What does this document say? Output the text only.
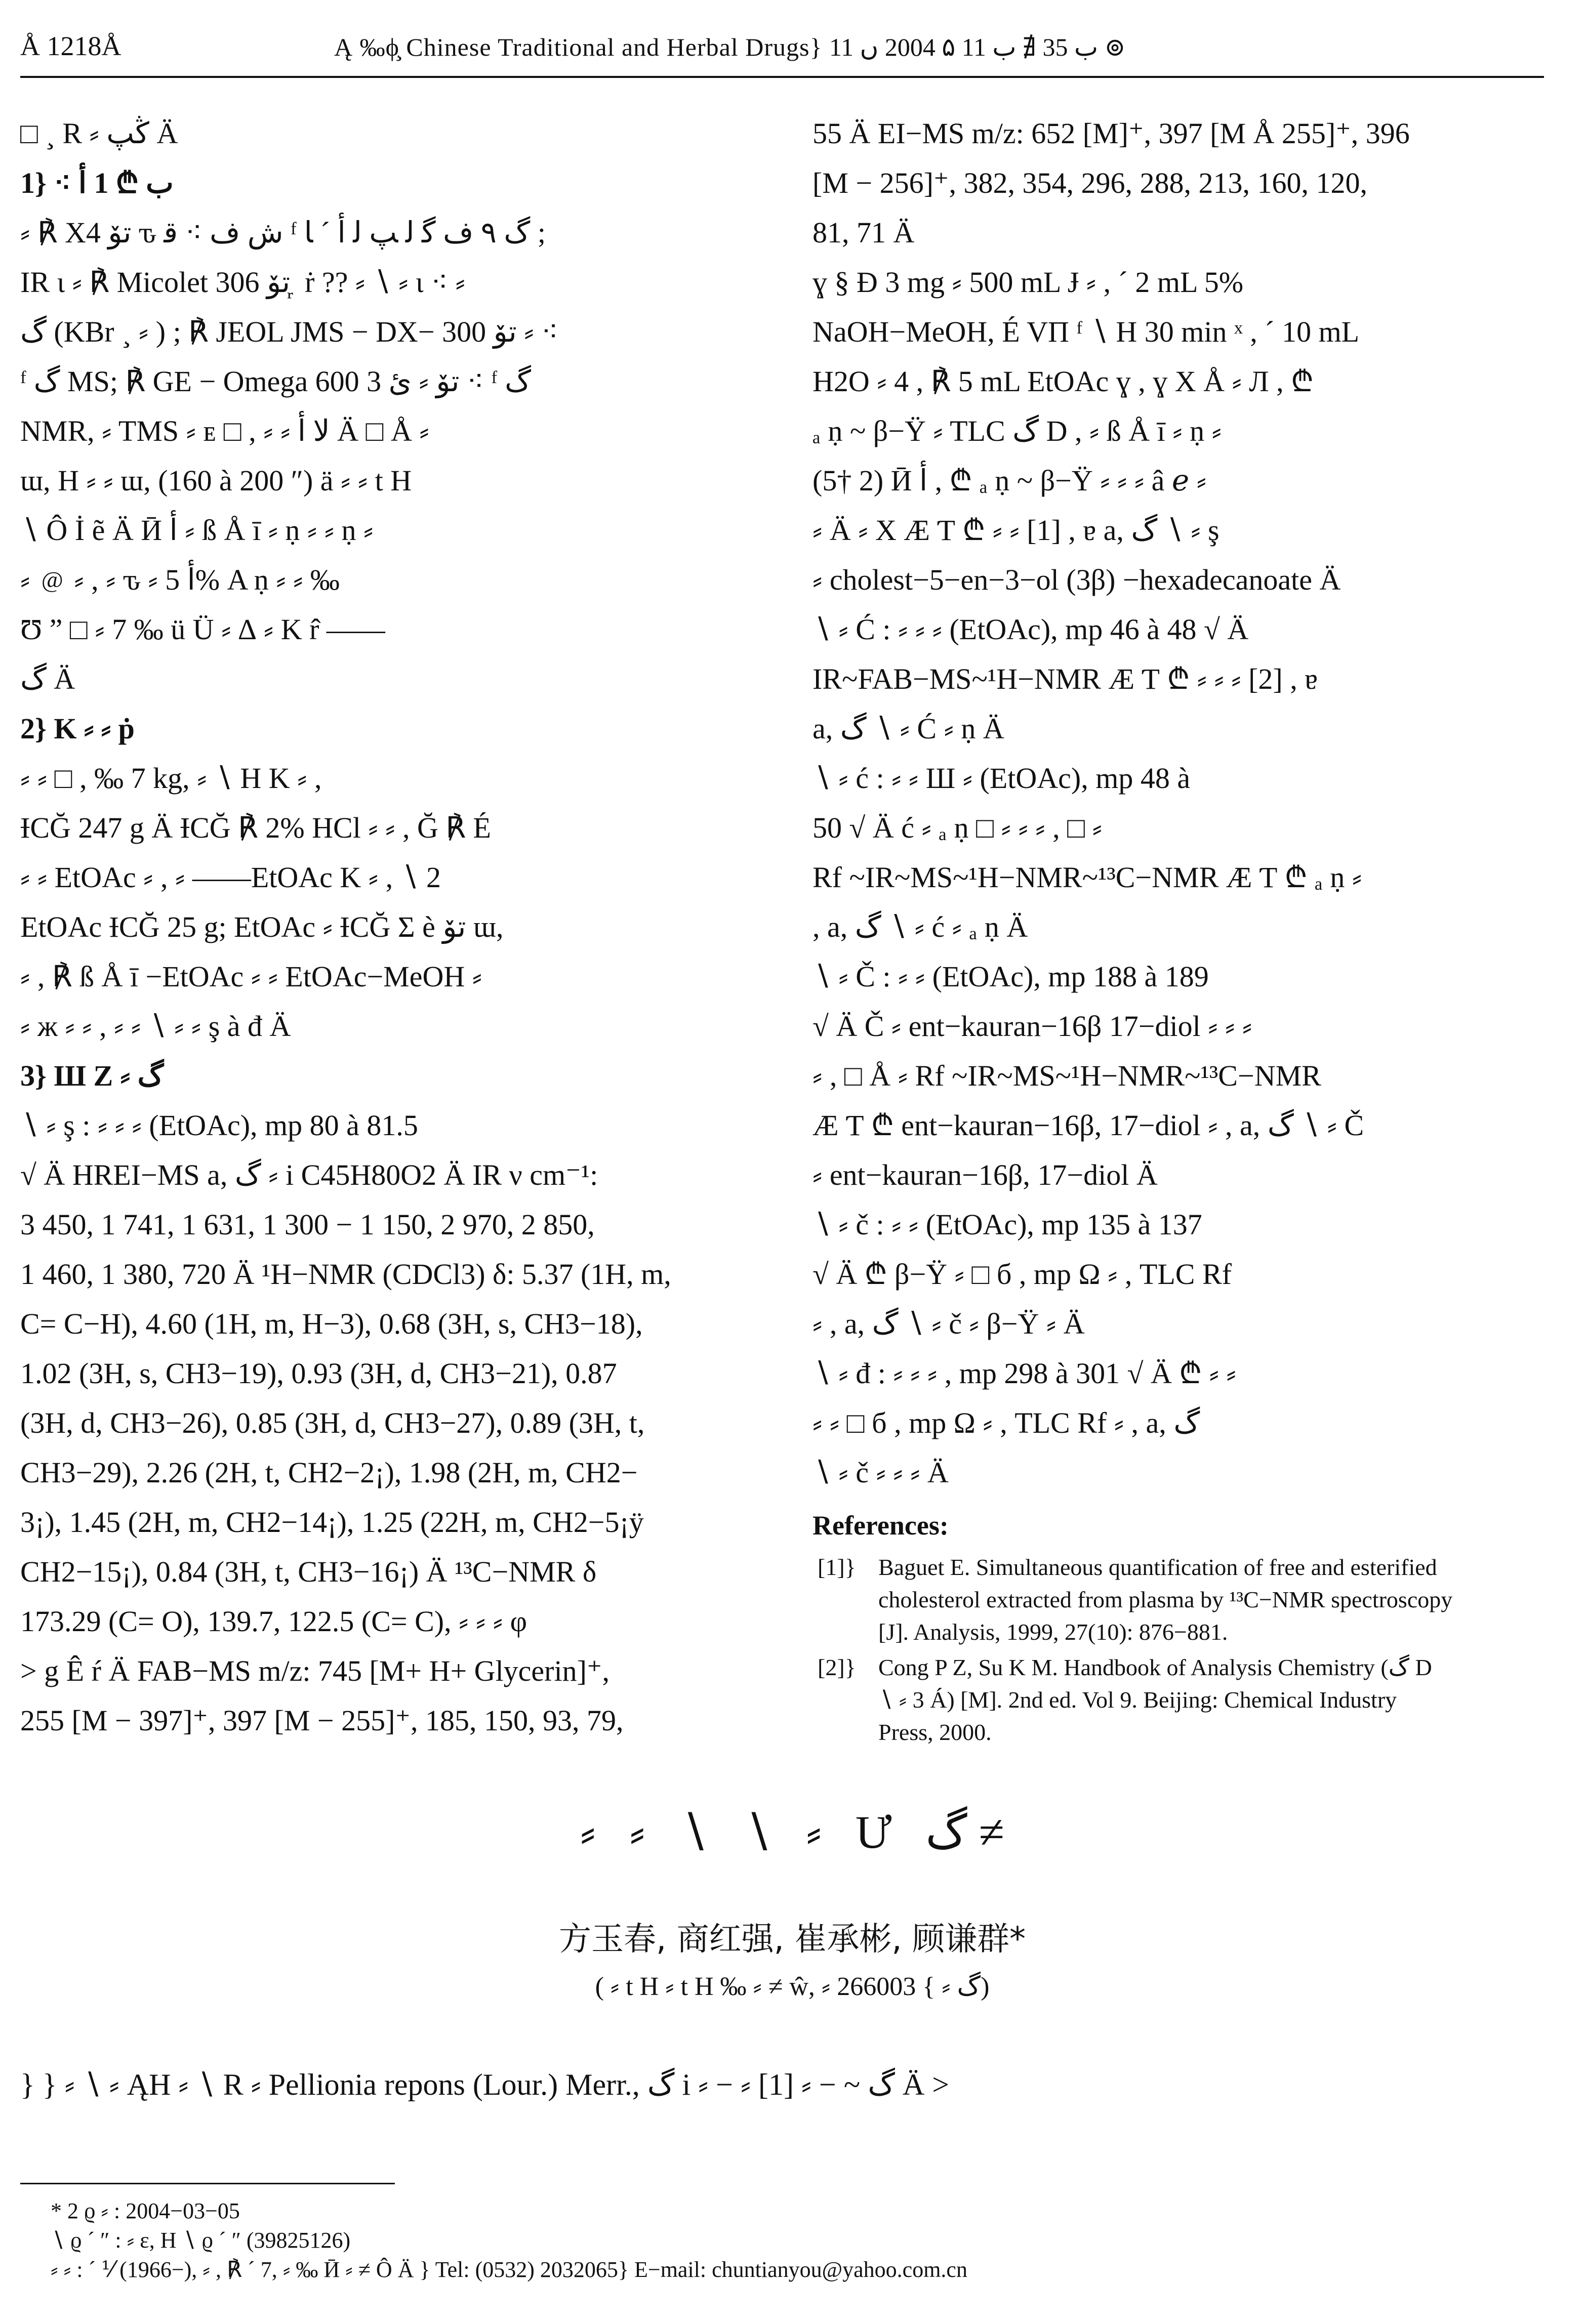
Å 1218Å	Ą ‰ϕ̧ Chinese Traditional and Herbal Drugs} ب 35 ∄ ب 11 ۵ 2004 ں 11 ⊚
□ ¸ R ⸗ ڭپ Ä
1} ⁖ ب ₾ 1 ﺃ
⸗ ℟ X4 تۆ ԏ ش ف ⁖ ﻗ ᶠ ﮒ ٩ ف ﮔ ﻟ ﭗ ﻟ ﺃ ´ ﺎ ;
IR ι ⸗ ℟ Micolet 306 تۆ ᷊ ṙ ?? ⸗ ∖ ⸗ ι ⁖ ⸗
ﮒ (KBr ¸ ⸗ ) ; ℟ JEOL JMS − DX− 300 تۆ ⸗ ⁖
ᶠ ﮒ MS; ℟ GE − Omega 600 تۆ ⸗ ئ 3 ⁖ ᶠ ﮒ
NMR, ⸗ TMS ⸗ ᴇ □ , ⸗ ⸗ ﻻ ﺃ Ä □ Å ⸗
ɯ, H ⸗ ⸗ ɯ, (160 à 200 ″) ä ⸗ ⸗ t H
∖ Ô İ ẽ Ä Ӣ ﺃ ⸗ ß Å ī ⸗ ṇ ⸗ ⸗ ṇ ⸗
⸗ ﹫ ⸗ , ⸗ ԏ ⸗ ﺃ 5% A ṇ ⸗ ⸗ ‰
Ʊ ” □ ⸗ 7 ‰ ü Ü ⸗ ∆ ⸗ K r̂ ——
ﮒ Ä
2} K ⸗ ⸗ ṗ
⸗ ⸗ □ , ‰ 7 kg, ⸗ ∖ H K ⸗ ,
ƗCĞ 247 g Ä ƗCĞ ℟ 2% HCl ⸗ ⸗ , Ğ ℟ É
⸗ ⸗ EtOAc ⸗ , ⸗ ——EtOAc K ⸗ , ∖ 2
EtOAc ƗCĞ 25 g; EtOAc ⸗ ƗCĞ Σ è تۆ ɯ,
⸗ , ℟ ß Å ī −EtOAc ⸗ ⸗ EtOAc−MeOH ⸗
⸗ ж ⸗ ⸗ , ⸗ ⸗ ∖ ⸗ ⸗ ş à đ Ä
3} Ш Z ⸗ ﮒ
∖ ⸗ ş : ⸗ ⸗ ⸗ (EtOAc), mp 80 à 81.5
√ Ä HREI−MS a, ﮒ ⸗ i C45H80O2 Ä IR ν cm⁻¹:
3 450, 1 741, 1 631, 1 300 − 1 150, 2 970, 2 850,
1 460, 1 380, 720 Ä ¹H−NMR (CDCl3) δ: 5.37 (1H, m,
C= C−H), 4.60 (1H, m, H−3), 0.68 (3H, s, CH3−18),
1.02 (3H, s, CH3−19), 0.93 (3H, d, CH3−21), 0.87
(3H, d, CH3−26), 0.85 (3H, d, CH3−27), 0.89 (3H, t,
CH3−29), 2.26 (2H, t, CH2−2¡), 1.98 (2H, m, CH2−
3¡), 1.45 (2H, m, CH2−14¡), 1.25 (22H, m, CH2−5¡ÿ
CH2−15¡), 0.84 (3H, t, CH3−16¡) Ä ¹³C−NMR δ
173.29 (C= O), 139.7, 122.5 (C= C), ⸗ ⸗ ⸗ φ
> g Ê ŕ Ä FAB−MS m/z: 745 [M+ H+ Glycerin]⁺,
255 [M − 397]⁺, 397 [M − 255]⁺, 185, 150, 93, 79,
55 Ä EI−MS m/z: 652 [M]⁺, 397 [M Å 255]⁺, 396
[M − 256]⁺, 382, 354, 296, 288, 213, 160, 120,
81, 71 Ä
ɣ § Ɖ 3 mg ⸗ 500 mL Ɉ ⸗ , ´ 2 mL 5%
NaOH−MeOH, É VΠ ᶠ ∖ H 30 min ˣ , ´ 10 mL
H2O ⸗ 4 , ℟ 5 mL EtOAc ɣ , ɣ X Å ⸗ Л , ₾
ₐ ṇ ~ β−Ÿ ⸗ TLC ﮒ D , ⸗ ß Å ī ⸗ ṇ ⸗
(5† 2) Ӣ ﺃ , ₾ ₐ ṇ ~ β−Ÿ ⸗ ⸗ ⸗ â ℯ ⸗
⸗ Ä ⸗ X Æ Ƭ ₾ ⸗ ⸗ [1] , ɐ a, ﮒ ∖ ⸗ ş
⸗ cholest−5−en−3−ol (3β) −hexadecanoate Ä
∖ ⸗ Ć : ⸗ ⸗ ⸗ (EtOAc), mp 46 à 48 √ Ä
IR~FAB−MS~¹H−NMR Æ Ƭ ₾ ⸗ ⸗ ⸗ [2] , ɐ
a, ﮒ ∖ ⸗ Ć ⸗ ṇ Ä
∖ ⸗ ć : ⸗ ⸗ Ш ⸗ (EtOAc), mp 48 à
50 √ Ä ć ⸗ ₐ ṇ □ ⸗ ⸗ ⸗ , □ ⸗
Rf ~IR~MS~¹H−NMR~¹³C−NMR Æ Ƭ ₾ ₐ ṇ ⸗
, a, ﮒ ∖ ⸗ ć ⸗ ₐ ṇ Ä
∖ ⸗ Č : ⸗ ⸗ (EtOAc), mp 188 à 189
√ Ä Č ⸗ ent−kauran−16β 17−diol ⸗ ⸗ ⸗
⸗ , □ Å ⸗ Rf ~IR~MS~¹H−NMR~¹³C−NMR
Æ Ƭ ₾ ent−kauran−16β, 17−diol ⸗ , a, ﮒ ∖ ⸗ Č
⸗ ent−kauran−16β, 17−diol Ä
∖ ⸗ č : ⸗ ⸗ (EtOAc), mp 135 à 137
√ Ä ₾ β−Ÿ ⸗ □ б , mp Ω ⸗ , TLC Rf
⸗ , a, ﮒ ∖ ⸗ č ⸗ β−Ÿ ⸗ Ä
∖ ⸗ đ : ⸗ ⸗ ⸗ , mp 298 à 301 √ Ä ₾ ⸗ ⸗
⸗ ⸗ □ б , mp Ω ⸗ , TLC Rf ⸗ , a, ﮒ
∖ ⸗ č ⸗ ⸗ ⸗ Ä
References:
[1]} Baguet E. Simultaneous quantification of free and esterified
cholesterol extracted from plasma by ¹³C−NMR spectroscopy
[J]. Analysis, 1999, 27(10): 876−881.
[2]} Cong P Z, Su K M. Handbook of Analysis Chemistry (ﮒ D
∖ ⸗ 3 Á) [M]. 2nd ed. Vol 9. Beijing: Chemical Industry
Press, 2000.
⸗ ⸗ ∖ ∖ ⸗ Ư ﮒ ≠
方玉春, 商红强, 崔承彬, 顾谦群*
( ⸗ t H ⸗ t H ‰ ⸗ ≠ ŵ, ⸗ ﮒ ⸗ } 266003)
} } ⸗ ∖ ⸗ ĄH ⸗ ∖ R ⸗ Pellionia repons (Lour.) Merr., ﮒ i ⸗ − ⸗ ﮒ ~ − ⸗ [1] Ä >
* 2 ϱ ⸗ : 2004−03−05
∖ ϱ ´ ″ : ⸗ ε, H ∖ ϱ ´ ″ (39825126)
⸗ ⸗ : ´ ⅟ (1966−), ⸗ , ℟ ´ 7, ⸗ ‰ Ӣ ⸗ ≠ Ô Ä } Tel: (0532) 2032065} E−mail: chuntianyou@yahoo.com.cn
